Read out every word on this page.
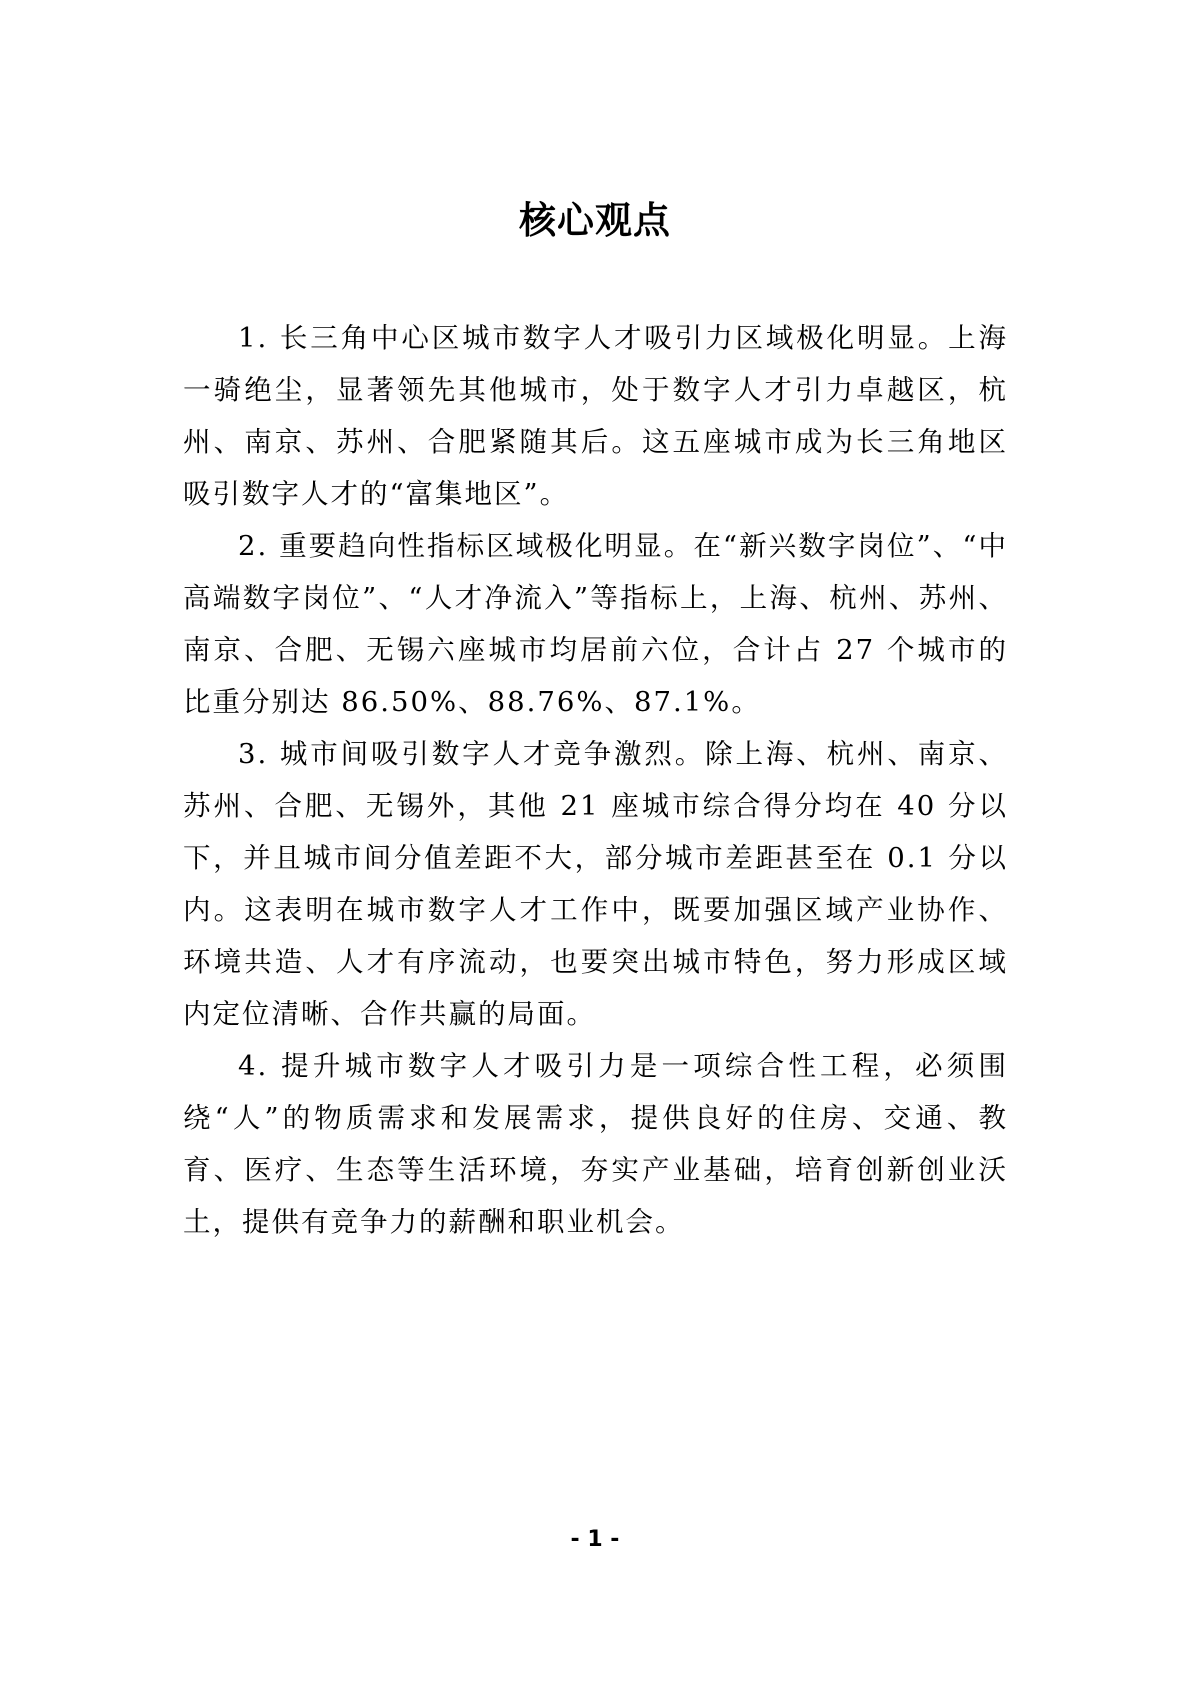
核心观点

1. 长三角中心区城市数字人才吸引力区域极化明显。上海一骑绝尘，显著领先其他城市，处于数字人才引力卓越区，杭州、南京、苏州、合肥紧随其后。这五座城市成为长三角地区吸引数字人才的“富集地区”。

2. 重要趋向性指标区域极化明显。在“新兴数字岗位”、“中高端数字岗位”、“人才净流入”等指标上，上海、杭州、苏州、南京、合肥、无锡六座城市均居前六位，合计占 27 个城市的比重分别达 86.50%、88.76%、87.1%。

3. 城市间吸引数字人才竞争激烈。除上海、杭州、南京、苏州、合肥、无锡外，其他 21 座城市综合得分均在 40 分以下，并且城市间分值差距不大，部分城市差距甚至在 0.1 分以内。这表明在城市数字人才工作中，既要加强区域产业协作、环境共造、人才有序流动，也要突出城市特色，努力形成区域内定位清晰、合作共赢的局面。

4. 提升城市数字人才吸引力是一项综合性工程，必须围绕“人”的物质需求和发展需求，提供良好的住房、交通、教育、医疗、生态等生活环境，夯实产业基础，培育创新创业沃土，提供有竞争力的薪酬和职业机会。

- 1 -
